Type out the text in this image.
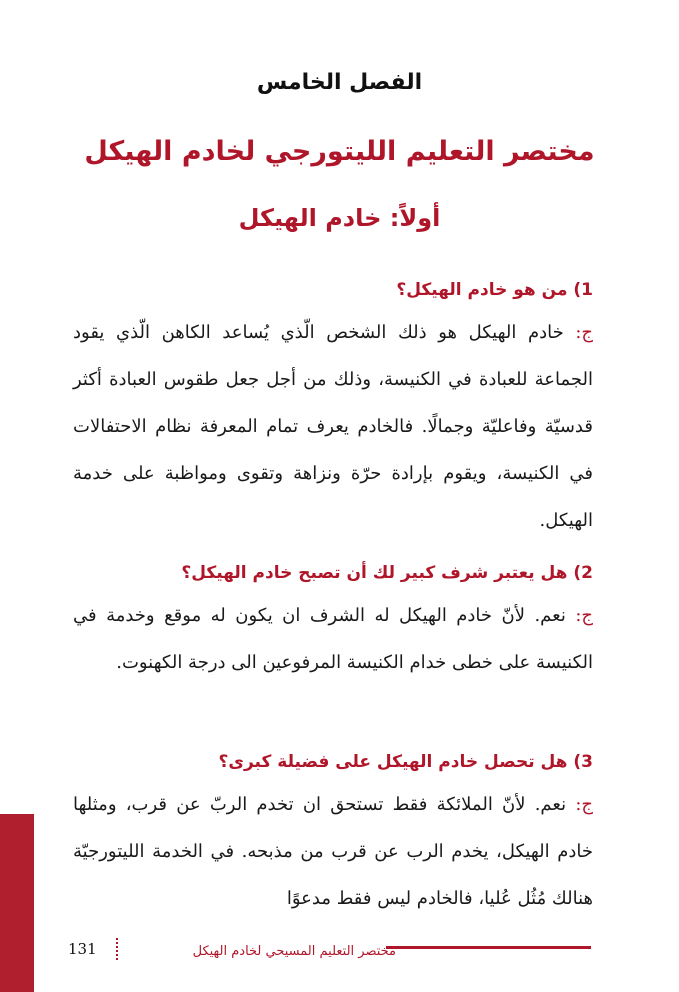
الفصل الخامس
مختصر التعليم الليتورجي لخادم الهيكل
أولاً: خادم الهيكل
1) من هو خادم الهيكل؟
ج: خادم الهيكل هو ذلك الشخص الّذي يُساعد الكاهن الّذي يقود الجماعة للعبادة في الكنيسة، وذلك من أجل جعل طقوس العبادة أكثر قدسيّة وفاعليّة وجمالًا. فالخادم يعرف تمام المعرفة نظام الاحتفالات في الكنيسة، ويقوم بإرادة حرّة ونزاهة وتقوى ومواظبة على خدمة الهيكل.
2) هل يعتبر شرف كبير لك أن تصبح خادم الهيكل؟
ج: نعم. لأنّ خادم الهيكل له الشرف ان يكون له موقع وخدمة في الكنيسة على خطى خدام الكنيسة المرفوعين الى درجة الكهنوت.
3) هل تحصل خادم الهيكل على فضيلة كبرى؟
ج: نعم. لأنّ الملائكة فقط تستحق ان تخدم الربّ عن قرب، ومثلها خادم الهيكل، يخدم الرب عن قرب من مذبحه. في الخدمة الليتورجيّة هنالك مُثُل عُليا، فالخادم ليس فقط مدعوًا
مختصر التعليم المسيحي لخادم الهيكل
131
